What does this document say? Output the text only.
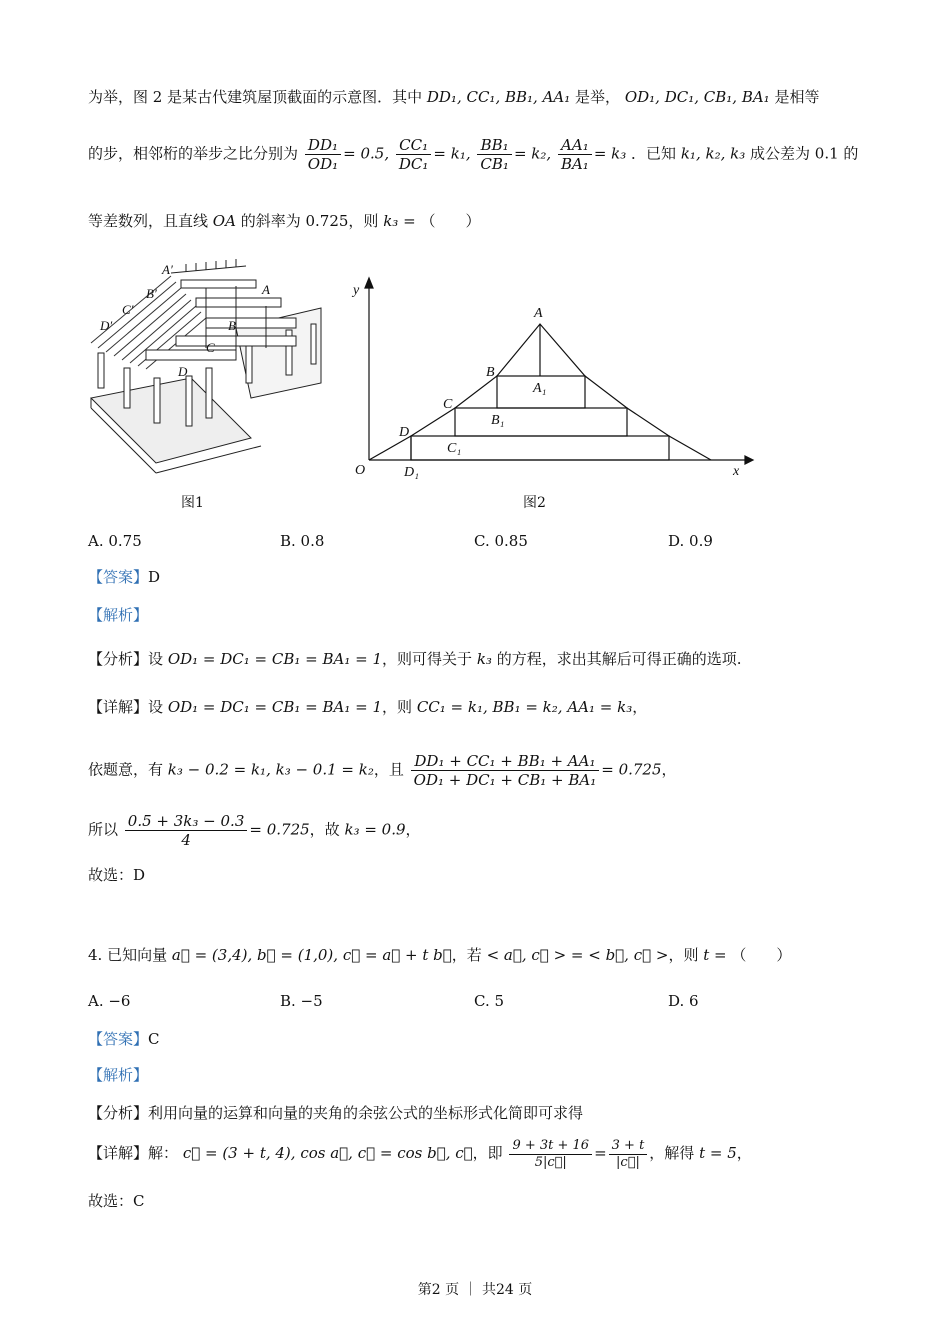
为举，图 2 是某古代建筑屋顶截面的示意图．其中 DD₁, CC₁, BB₁, AA₁ 是举， OD₁, DC₁, CB₁, BA₁ 是相等
的步，相邻桁的举步之比分别为 $\frac{\text{DD₁}}{\text{OD₁}} = 0.5$, $\frac{\text{CC₁}}{\text{DC₁}} = k_1$, $\frac{\text{BB₁}}{\text{CB₁}} = k_2$, $\frac{\text{AA₁}}{\text{BA₁}} = k_3$ ．已知 k₁, k₂, k₃ 成公差为 0.1 的
等差数列，且直线 OA 的斜率为 0.725，则 k₃ = （　　）
A′
B′
C′
D′
A
B
C
D
图1
y
x
O
A
B
C
D
A₁
B₁
C₁
D₁
图2
A. 0.75	B. 0.8	C. 0.85	D. 0.9
【答案】D
【解析】
【分析】设 OD₁ = DC₁ = CB₁ = BA₁ = 1，则可得关于 k₃ 的方程，求出其解后可得正确的选项.
【详解】设 OD₁ = DC₁ = CB₁ = BA₁ = 1，则 CC₁ = k₁, BB₁ = k₂, AA₁ = k₃，
依题意，有 k₃ − 0.2 = k₁, k₃ − 0.1 = k₂，且 $\frac{\text{DD₁ + CC₁ + BB₁ + AA₁}}{\text{OD₁ + DC₁ + CB₁ + BA₁}} = 0.725$，
所以 $\frac{\text{0.5 + 3k₃ − 0.3}}{4} = 0.725$，故 k₃ = 0.9，
故选：D
4. 已知向量 a⃗ = (3,4), b⃗ = (1,0), c⃗ = a⃗ + t b⃗，若 < a⃗, c⃗ > = < b⃗, c⃗ >，则 t = （　　）
A. −6	B. −5	C. 5	D. 6
【答案】C
【解析】
【分析】利用向量的运算和向量的夹角的余弦公式的坐标形式化简即可求得
【详解】解： c⃗ = (3 + t, 4), cos a⃗, c⃗ = cos b⃗, c⃗，即 $\frac{9 + 3t + 16}{5|c⃗|} = \frac{3 + t}{|c⃗|}$ ，解得 t = 5，
故选：C
第2 页 ｜ 共24 页
